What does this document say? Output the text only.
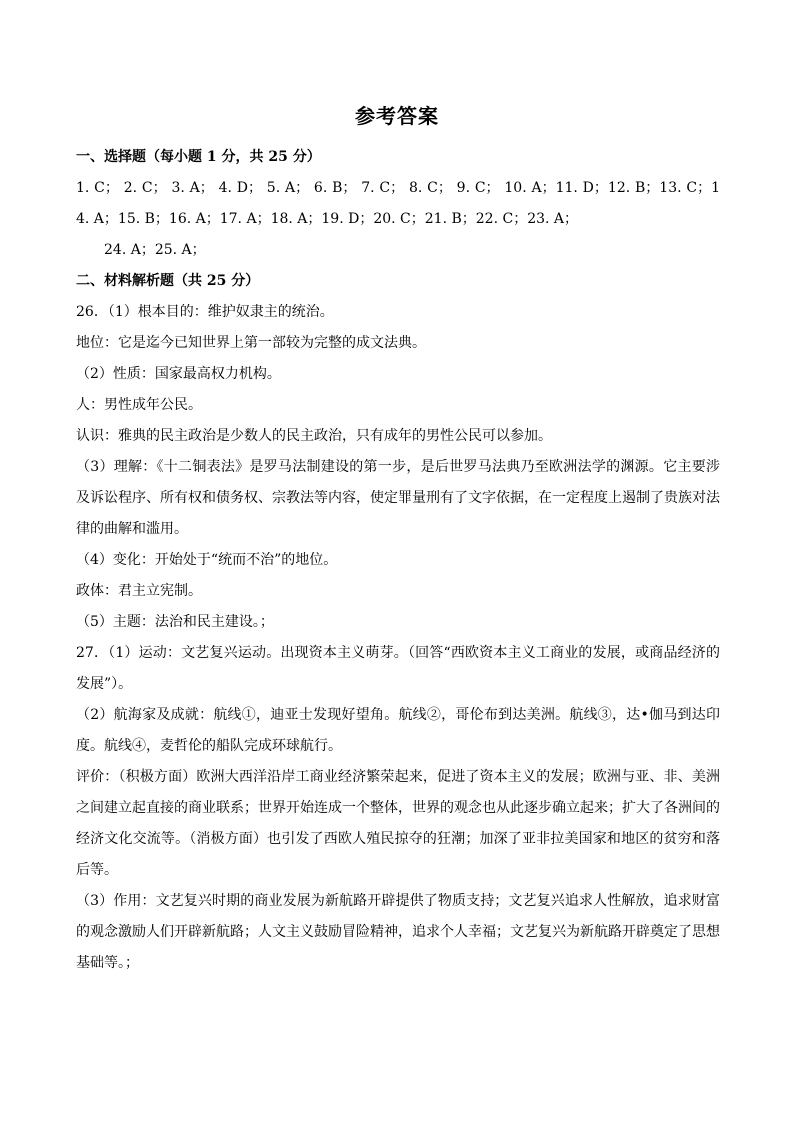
参考答案

一、选择题（每小题 1 分，共 25 分）

1. C； 2. C； 3. A； 4. D； 5. A； 6. B； 7. C； 8. C； 9. C； 10. A；11. D；12. B；13. C；14. A；15. B；16. A；17. A；18. A；19. D；20. C；21. B；22. C；23. A；

24. A；25. A；

二、材料解析题（共 25 分）

26．（1）根本目的：维护奴隶主的统治。

地位：它是迄今已知世界上第一部较为完整的成文法典。

（2）性质：国家最高权力机构。

人：男性成年公民。

认识：雅典的民主政治是少数人的民主政治，只有成年的男性公民可以参加。

（3）理解：《十二铜表法》是罗马法制建设的第一步，是后世罗马法典乃至欧洲法学的渊源。它主要涉及诉讼程序、所有权和债务权、宗教法等内容，使定罪量刑有了文字依据，在一定程度上遏制了贵族对法律的曲解和滥用。

（4）变化：开始处于“统而不治”的地位。

政体：君主立宪制。

（5）主题：法治和民主建设。；

27．（1）运动：文艺复兴运动。出现资本主义萌芽。（回答“西欧资本主义工商业的发展，或商品经济的发展”）。

（2）航海家及成就：航线①，迪亚士发现好望角。航线②，哥伦布到达美洲。航线③，达•伽马到达印度。航线④，麦哲伦的船队完成环球航行。

评价：（积极方面）欧洲大西洋沿岸工商业经济繁荣起来，促进了资本主义的发展；欧洲与亚、非、美洲之间建立起直接的商业联系；世界开始连成一个整体，世界的观念也从此逐步确立起来；扩大了各洲间的经济文化交流等。（消极方面）也引发了西欧人殖民掠夺的狂潮；加深了亚非拉美国家和地区的贫穷和落后等。

（3）作用：文艺复兴时期的商业发展为新航路开辟提供了物质支持；文艺复兴追求人性解放，追求财富的观念激励人们开辟新航路；人文主义鼓励冒险精神，追求个人幸福；文艺复兴为新航路开辟奠定了思想基础等。；
